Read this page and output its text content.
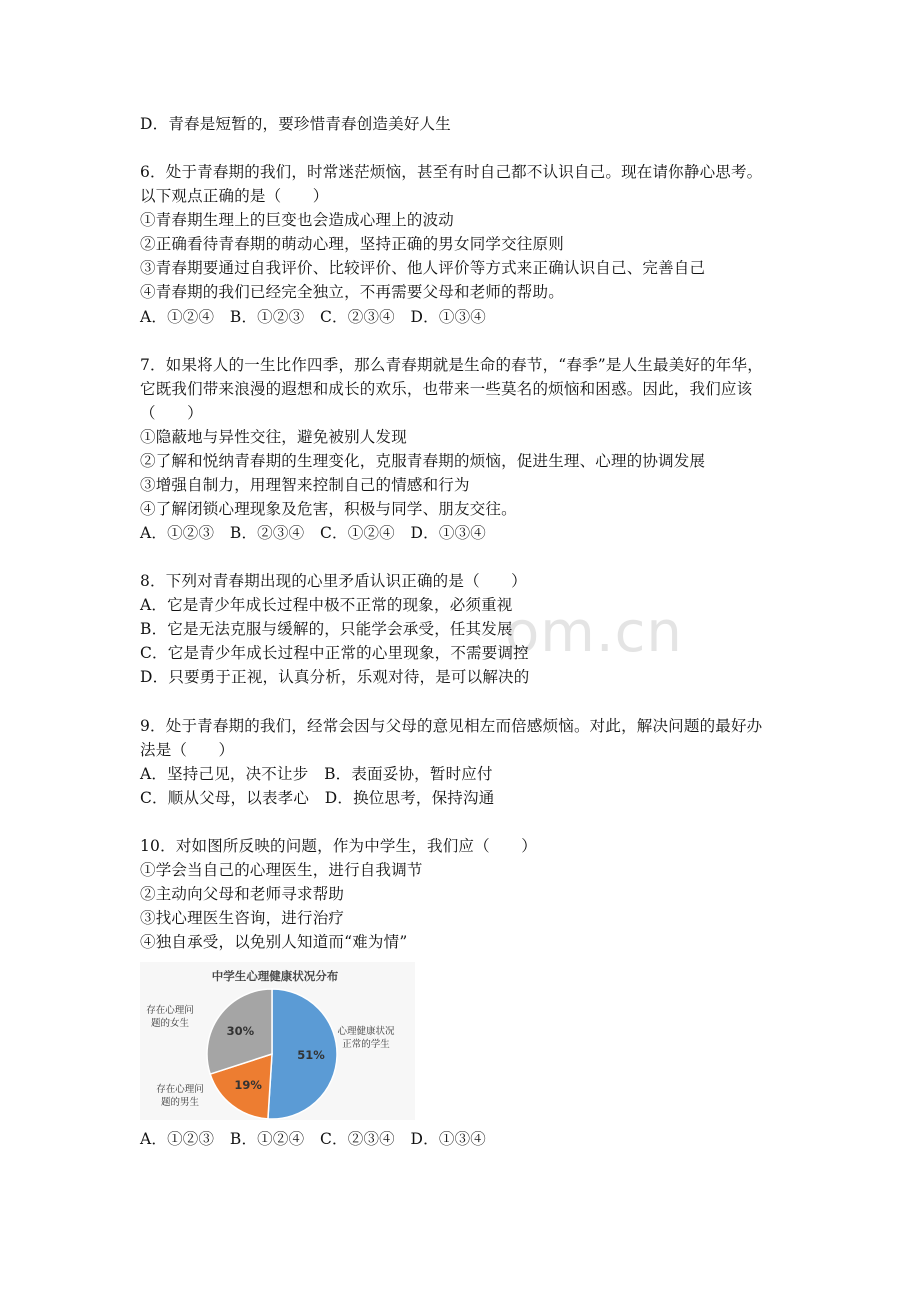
om.cn
D．青春是短暂的，要珍惜青春创造美好人生
6．处于青春期的我们，时常迷茫烦恼，甚至有时自己都不认识自己。现在请你静心思考。
以下观点正确的是（　　）
①青春期生理上的巨变也会造成心理上的波动
②正确看待青春期的萌动心理，坚持正确的男女同学交往原则
③青春期要通过自我评价、比较评价、他人评价等方式来正确认识自己、完善自己
④青春期的我们已经完全独立，不再需要父母和老师的帮助。
A．①②④　B．①②③　C．②③④　D．①③④
7．如果将人的一生比作四季，那么青春期就是生命的春节，“春季”是人生最美好的年华，
它既我们带来浪漫的遐想和成长的欢乐，也带来一些莫名的烦恼和困惑。因此，我们应该
（　　）
①隐蔽地与异性交往，避免被别人发现
②了解和悦纳青春期的生理变化，克服青春期的烦恼，促进生理、心理的协调发展
③增强自制力，用理智来控制自己的情感和行为
④了解闭锁心理现象及危害，积极与同学、朋友交往。
A．①②③　B．②③④　C．①②④　D．①③④
8．下列对青春期出现的心里矛盾认识正确的是（　　）
A．它是青少年成长过程中极不正常的现象，必须重视
B．它是无法克服与缓解的，只能学会承受，任其发展
C．它是青少年成长过程中正常的心里现象，不需要调控
D．只要勇于正视，认真分析，乐观对待，是可以解决的
9．处于青春期的我们，经常会因与父母的意见相左而倍感烦恼。对此，解决问题的最好办
法是（　　）
A．坚持己见，决不让步　B．表面妥协，暂时应付
C．顺从父母，以表孝心　D．换位思考，保持沟通
10．对如图所反映的问题，作为中学生，我们应（　　）
①学会当自己的心理医生，进行自我调节
②主动向父母和老师寻求帮助
③找心理医生咨询，进行治疗
④独自承受，以免别人知道而“难为情”
中学生心理健康状况分布
51%
心理健康状况正常的学生
19%
存在心理问题的男生
30%
存在心理问题的女生
A．①②③　B．①②④　C．②③④　D．①③④
